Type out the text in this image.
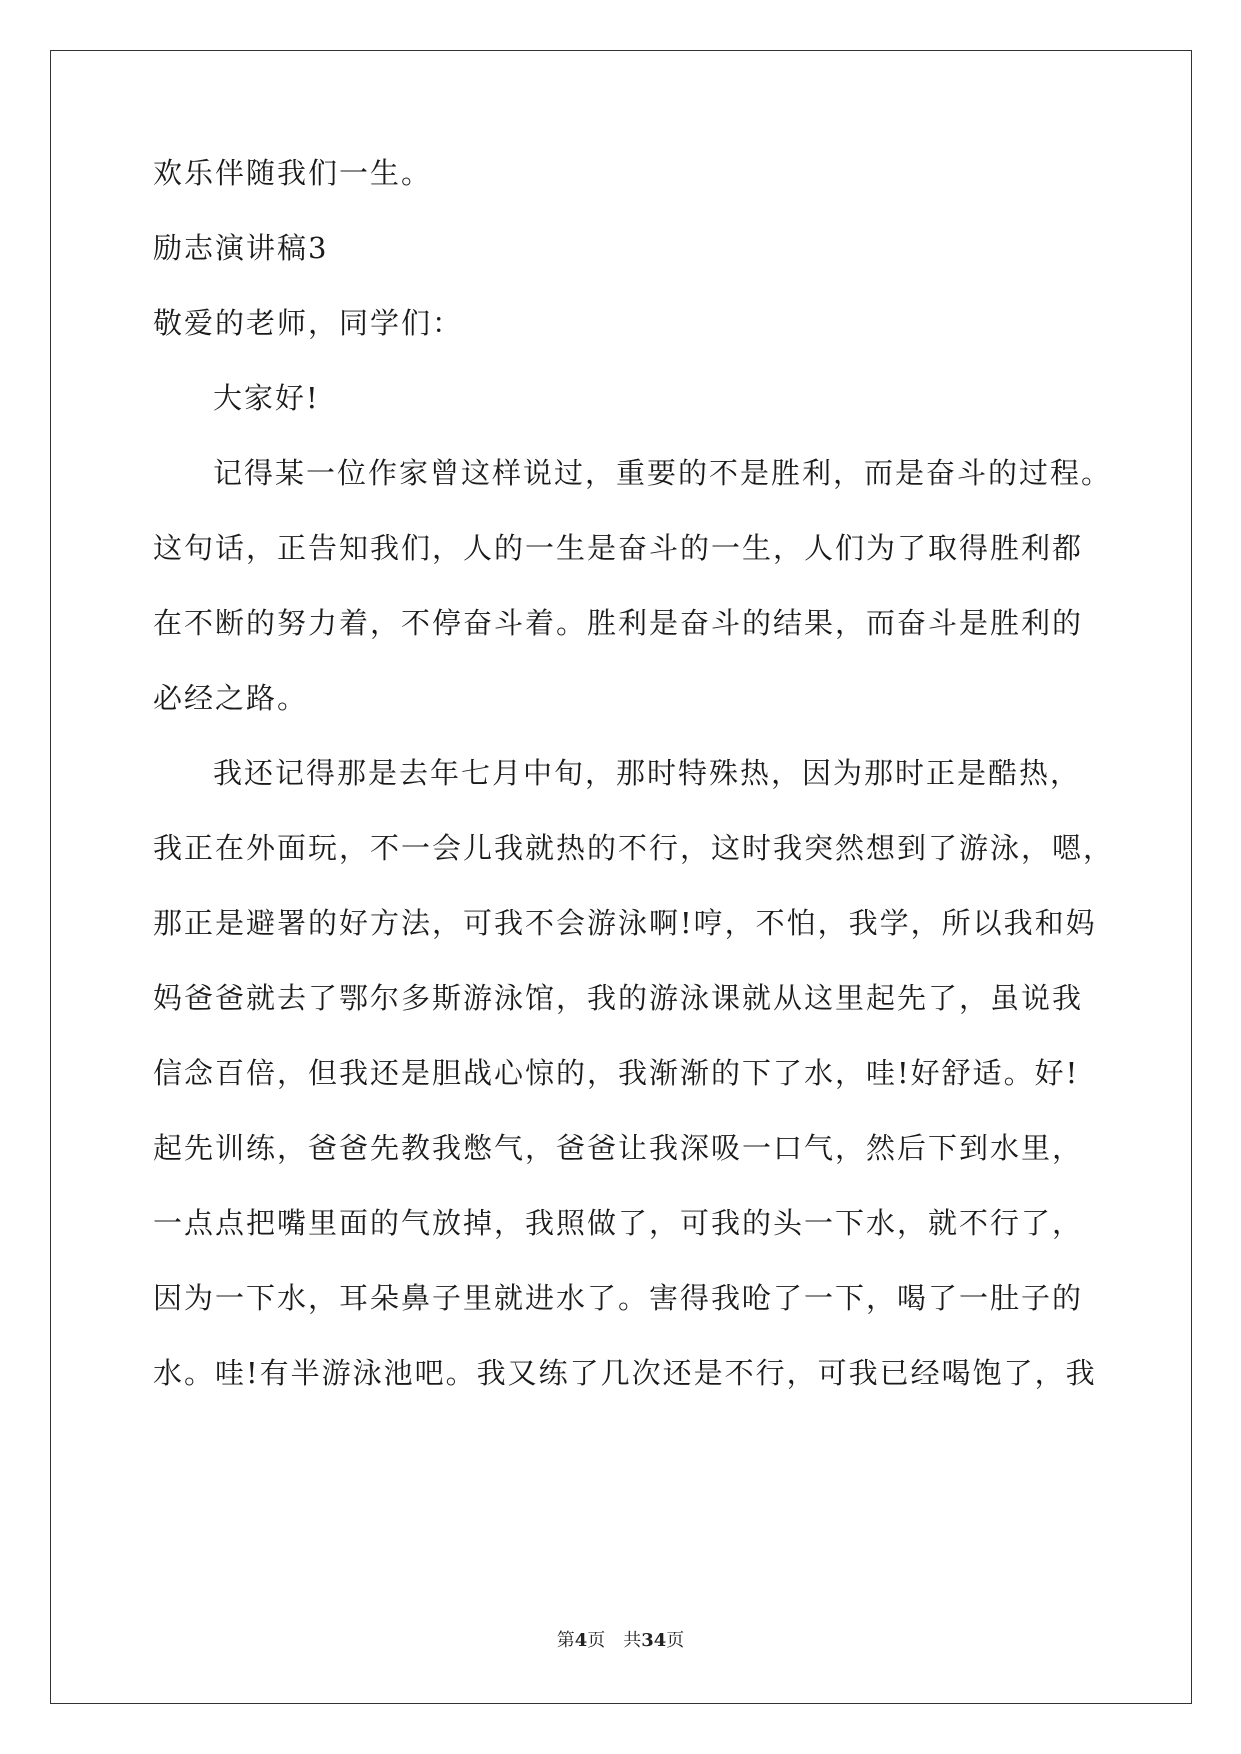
欢乐伴随我们一生。
励志演讲稿3
敬爱的老师，同学们：
大家好!
记得某一位作家曾这样说过，重要的不是胜利，而是奋斗的过程。
这句话，正告知我们，人的一生是奋斗的一生，人们为了取得胜利都
在不断的努力着，不停奋斗着。胜利是奋斗的结果，而奋斗是胜利的
必经之路。
我还记得那是去年七月中旬，那时特殊热，因为那时正是酷热，
我正在外面玩，不一会儿我就热的不行，这时我突然想到了游泳，嗯，
那正是避署的好方法，可我不会游泳啊!哼，不怕，我学，所以我和妈
妈爸爸就去了鄂尔多斯游泳馆，我的游泳课就从这里起先了，虽说我
信念百倍，但我还是胆战心惊的，我渐渐的下了水，哇!好舒适。好!
起先训练，爸爸先教我憋气，爸爸让我深吸一口气，然后下到水里，
一点点把嘴里面的气放掉，我照做了，可我的头一下水，就不行了，
因为一下水，耳朵鼻子里就进水了。害得我呛了一下，喝了一肚子的
水。哇!有半游泳池吧。我又练了几次还是不行，可我已经喝饱了，我
第4页 共34页
